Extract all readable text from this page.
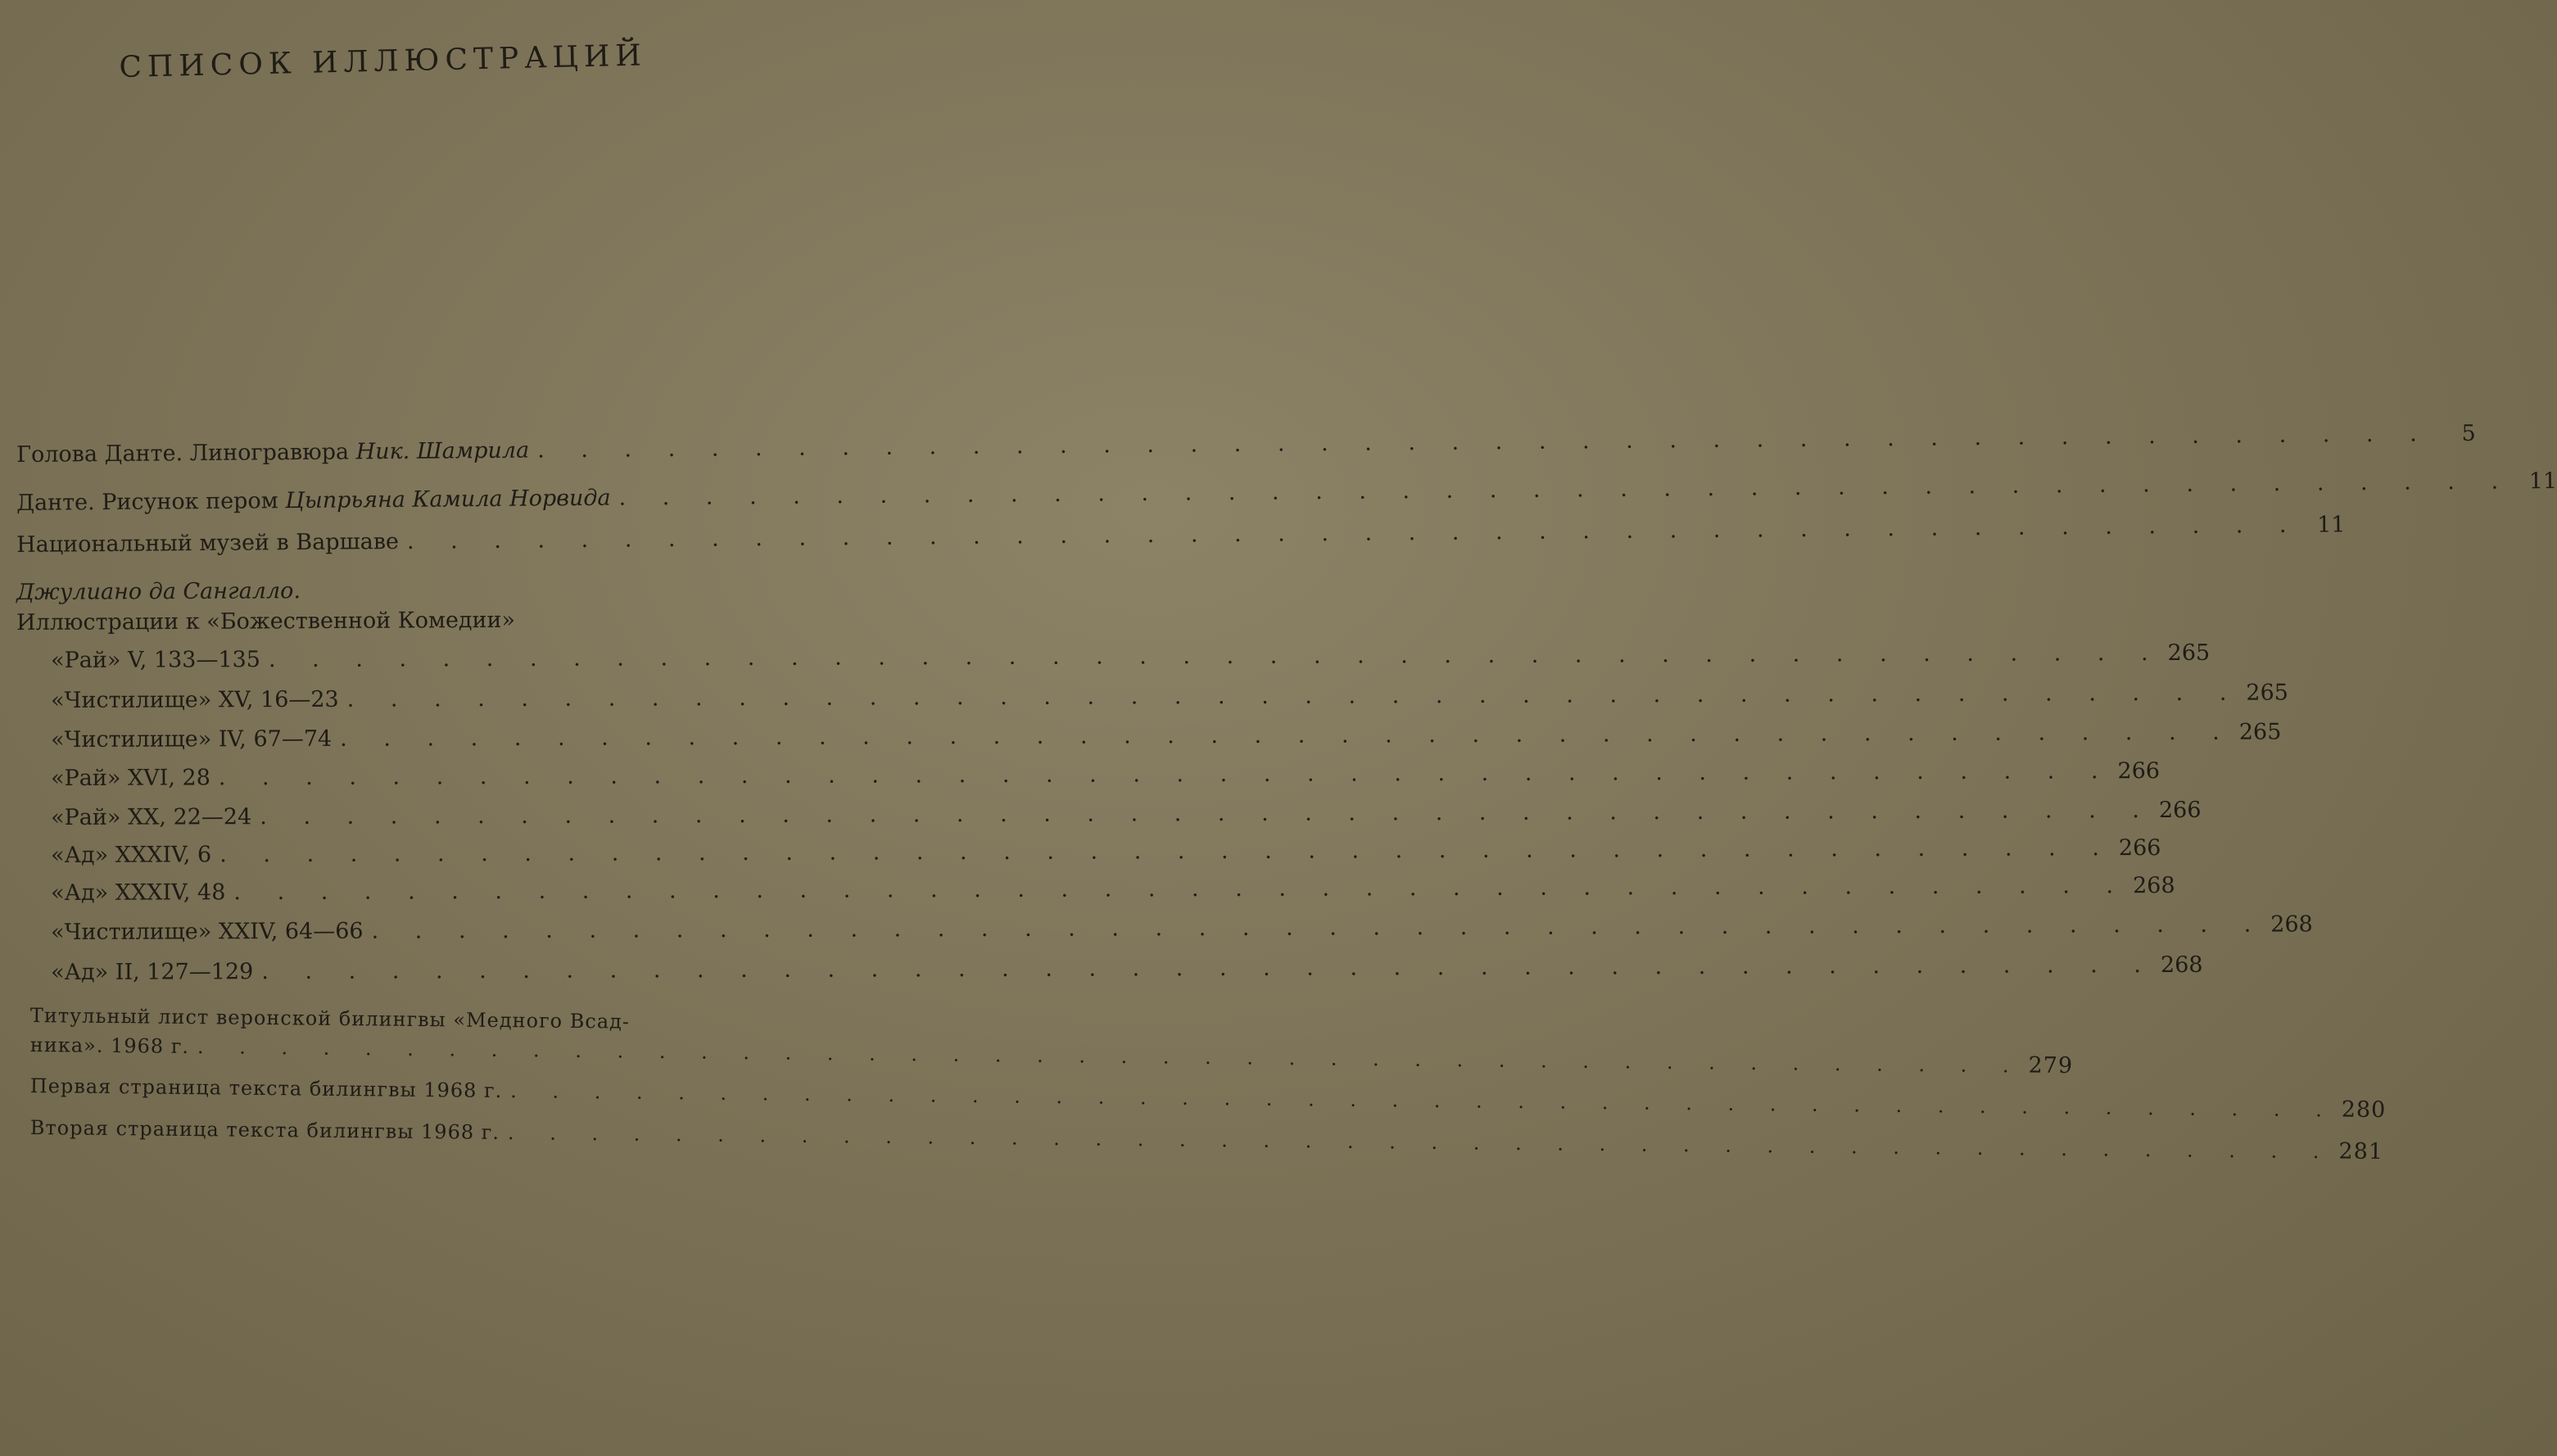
СПИСОК ИЛЛЮСТРАЦИЙ
Голова Данте. Линогравюра Ник. Шамрила . . . . . . . . . . . . . . . . . . . . . . . . . . . . . . . . . . . . . . . . . . . .	5
Данте. Рисунок пером Цыпрьяна Камила Норвида . . . . . . . . . . . . . . . . . . . . . . . . . . . . . . . . . . . . . . . . . . . . 11
Национальный музей в Варшаве . . . . . . . . . . . . . . . . . . . . . . . . . . . . . . . . . . . . . . . . . . . . 11
Джулиано да Сангалло.
Иллюстрации к «Божественной Комедии»
«Рай» V, 133—135 . . . . . . . . . . . . . . . . . . . . . . . . . . . . . . . . . . . . . . . . . . . . 265
«Чистилище» XV, 16—23 . . . . . . . . . . . . . . . . . . . . . . . . . . . . . . . . . . . . . . . . . . . . 265
«Чистилище» IV, 67—74 . . . . . . . . . . . . . . . . . . . . . . . . . . . . . . . . . . . . . . . . . . . . 265
«Рай» XVI, 28 . . . . . . . . . . . . . . . . . . . . . . . . . . . . . . . . . . . . . . . . . . . . 266
«Рай» XX, 22—24 . . . . . . . . . . . . . . . . . . . . . . . . . . . . . . . . . . . . . . . . . . . . 266
«Ад» XXXIV, 6 . . . . . . . . . . . . . . . . . . . . . . . . . . . . . . . . . . . . . . . . . . . . 266
«Ад» XXXIV, 48 . . . . . . . . . . . . . . . . . . . . . . . . . . . . . . . . . . . . . . . . . . . . 268
«Чистилище» XXIV, 64—66 . . . . . . . . . . . . . . . . . . . . . . . . . . . . . . . . . . . . . . . . . . . . 268
«Ад» II, 127—129 . . . . . . . . . . . . . . . . . . . . . . . . . . . . . . . . . . . . . . . . . . . . 268
Титульный лист веронской билингвы «Медного Всад-
ника». 1968 г. . . . . . . . . . . . . . . . . . . . . . . . . . . . . . . . . . . . . . . . . . . . . 279
Первая страница текста билингвы 1968 г. . . . . . . . . . . . . . . . . . . . . . . . . . . . . . . . . . . . . . . . . . . . . 280
Вторая страница текста билингвы 1968 г. . . . . . . . . . . . . . . . . . . . . . . . . . . . . . . . . . . . . . . . . . . . . 281
